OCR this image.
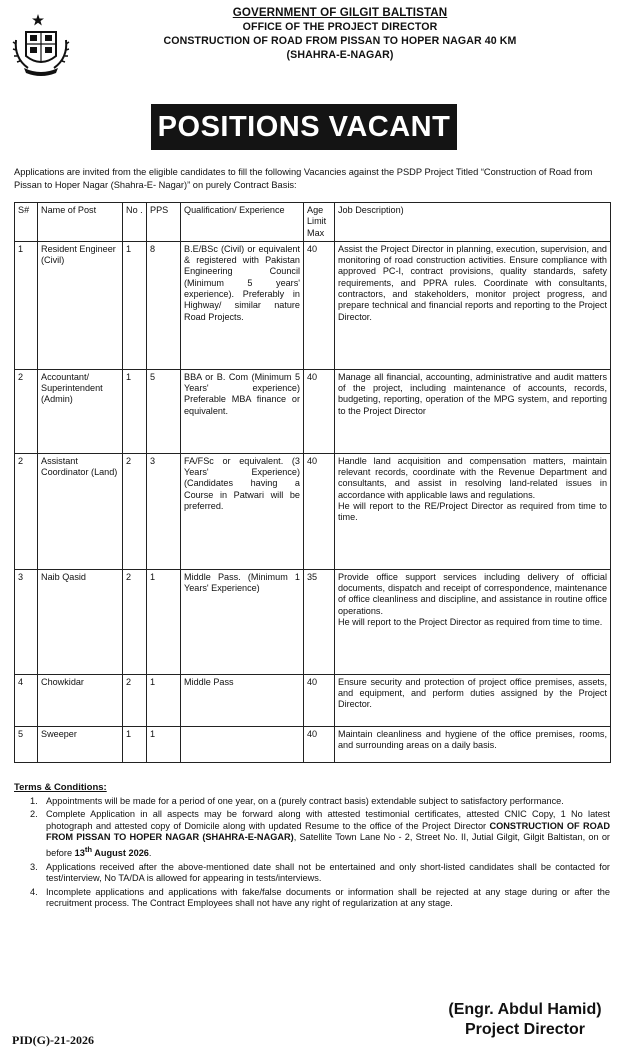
GOVERNMENT OF GILGIT BALTISTAN
OFFICE OF THE PROJECT DIRECTOR
CONSTRUCTION OF ROAD FROM PISSAN TO HOPER NAGAR 40 KM
(SHAHRA-E-NAGAR)
POSITIONS VACANT

Applications are invited from the eligible candidates to fill the following Vacancies against the PSDP Project Titled “Construction of Road from Pissan to Hoper Nagar (Shahra-E- Nagar)” on purely Contract Basis:

S#	Name of Post	No .	PPS	Qualification/ Experience	Age Limit Max	Job Description)
1	Resident Engineer (Civil)	1	8	B.E/BSc (Civil) or equivalent & registered with Pakistan Engineering Council (Minimum 5 years' experience). Preferably in Highway/ similar nature Road Projects.	40	Assist the Project Director in planning, execution, supervision, and monitoring of road construction activities. Ensure compliance with approved PC-I, contract provisions, quality standards, safety requirements, and PPRA rules. Coordinate with consultants, contractors, and stakeholders, monitor project progress, and prepare technical and financial reports and reporting to the Project Director.
2	Accountant/ Superintendent (Admin)	1	5	BBA or B. Com (Minimum 5 Years' experience) Preferable MBA finance or equivalent.	40	Manage all financial, accounting, administrative and audit matters of the project, including maintenance of accounts, records, budgeting, reporting, operation of the MPG system, and reporting to the Project Director
2	Assistant Coordinator (Land)	2	3	FA/FSc or equivalent. (3 Years' Experience) (Candidates having a Course in Patwari will be preferred.	40	Handle land acquisition and compensation matters, maintain relevant records, coordinate with the Revenue Department and consultants, and assist in resolving land-related issues in accordance with applicable laws and regulations.
He will report to the RE/Project Director as required from time to time.

3	Naib Qasid	2	1	Middle Pass. (Minimum 1 Years' Experience)	35	Provide office support services including delivery of official documents, dispatch and receipt of correspondence, maintenance of office cleanliness and discipline, and assistance in routine office operations.
He will report to the Project Director as required from time to time.

4	Chowkidar	2	1	Middle Pass	40	Ensure security and protection of project office premises, assets, and equipment, and perform duties assigned by the Project Director.
5	Sweeper	1	1		40	Maintain cleanliness and hygiene of the office premises, rooms, and surrounding areas on a daily basis.
Terms & Conditions:
1. Appointments will be made for a period of one year, on a (purely contract basis) extendable subject to satisfactory performance.
2. Complete Application in all aspects may be forward along with attested testimonial certificates, attested CNIC Copy, 1 No latest photograph and attested copy of Domicile along with updated Resume to the office of the Project Director CONSTRUCTION OF ROAD FROM PISSAN TO HOPER NAGAR (SHAHRA-E-NAGAR), Satellite Town Lane No - 2, Street No. II, Jutial Gilgit, Gilgit Baltistan, on or before 13th August 2026.
3. Applications received after the above-mentioned date shall not be entertained and only short-listed candidates shall be contacted for test/interview, No TA/DA is allowed for appearing in tests/interviews.
4. Incomplete applications and applications with fake/false documents or information shall be rejected at any stage during or after the recruitment process. The Contract Employees shall not have any right of regularization at any stage.
(Engr. Abdul Hamid)
Project Director
PID(G)-21-2026
